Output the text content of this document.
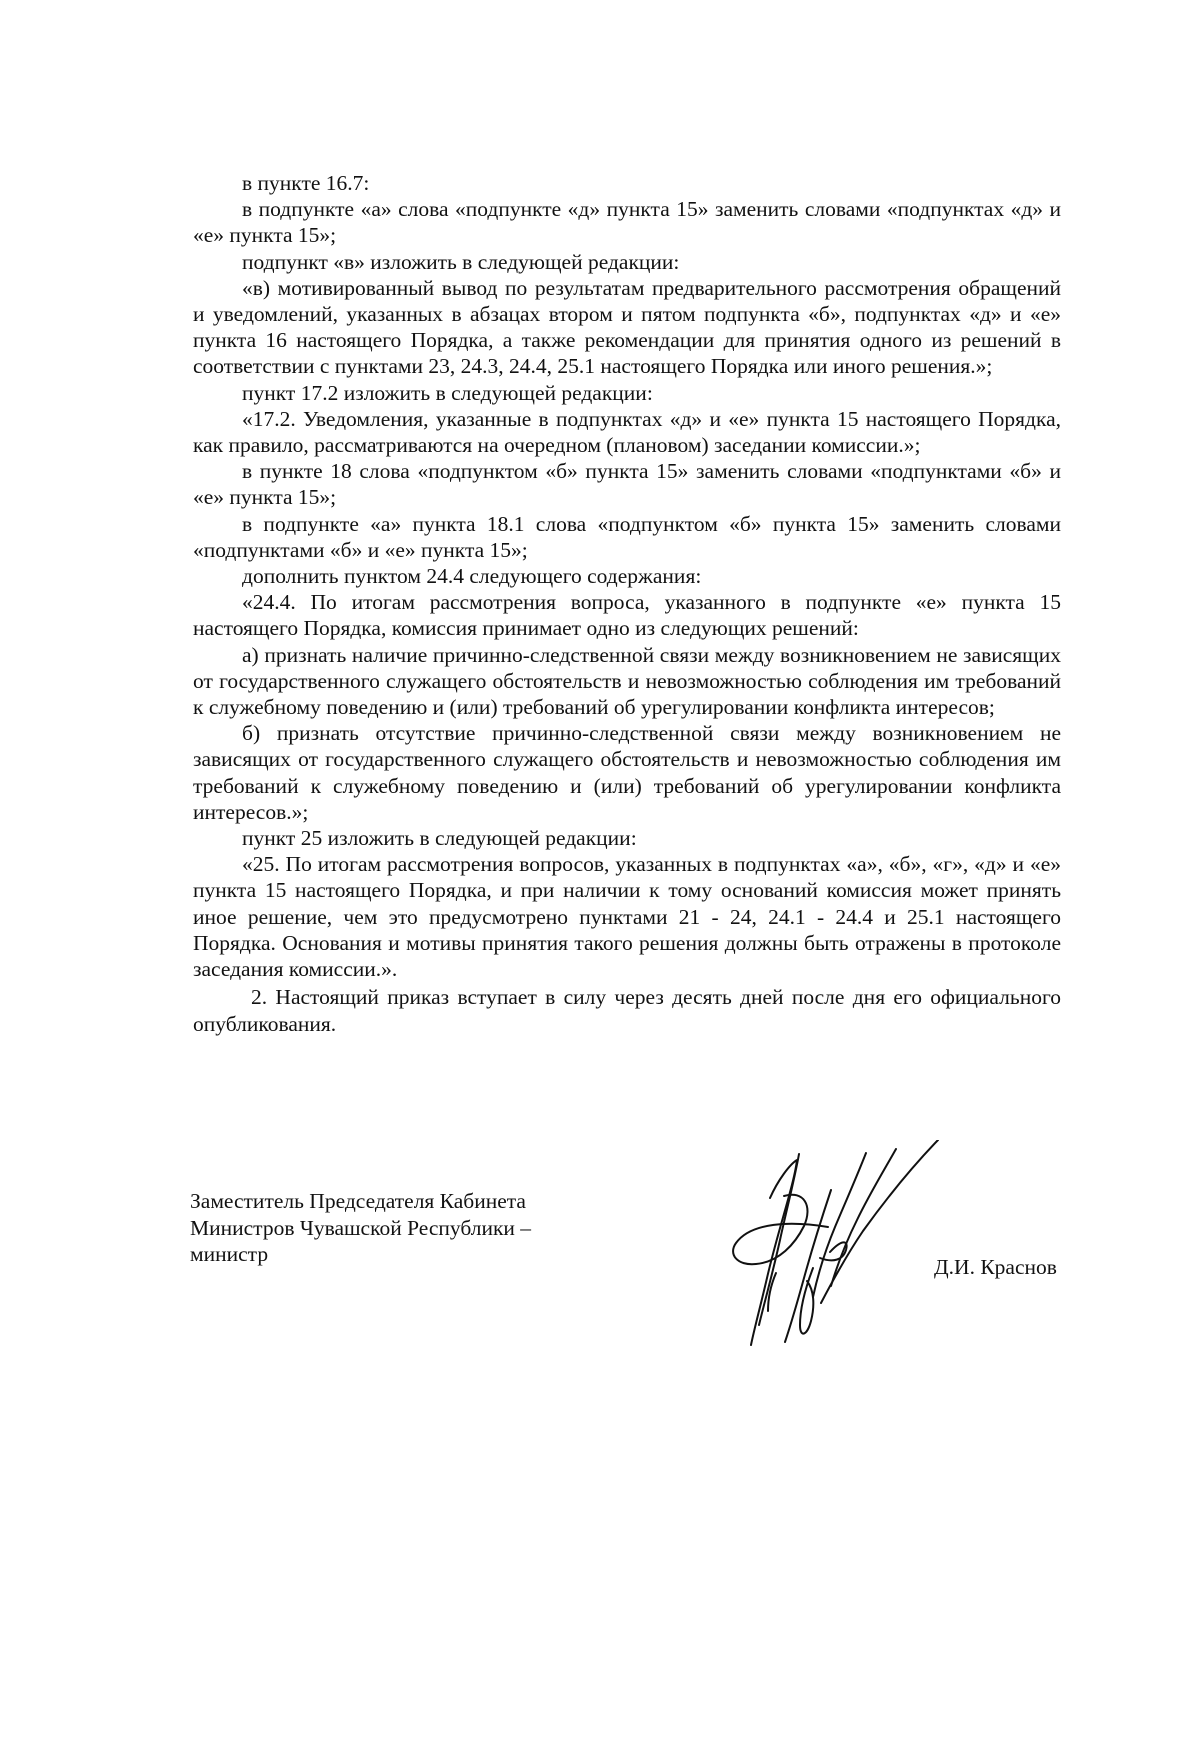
в пункте 16.7:

в подпункте «а» слова «подпункте «д» пункта 15» заменить словами «подпунктах «д» и «е» пункта 15»;

подпункт «в» изложить в следующей редакции:

«в) мотивированный вывод по результатам предварительного рассмотрения обращений и уведомлений, указанных в абзацах втором и пятом подпункта «б», подпунктах «д» и «е» пункта 16 настоящего Порядка, а также рекомендации для принятия одного из решений в соответствии с пунктами 23, 24.3, 24.4, 25.1 настоящего Порядка или иного решения.»;

пункт 17.2 изложить в следующей редакции:

«17.2. Уведомления, указанные в подпунктах «д» и «е» пункта 15 настоящего Порядка, как правило, рассматриваются на очередном (плановом) заседании комиссии.»;

в пункте 18 слова «подпунктом «б» пункта 15» заменить словами «подпунктами «б» и «е» пункта 15»;

в подпункте «а» пункта 18.1 слова «подпунктом «б» пункта 15» заменить словами «подпунктами «б» и «е» пункта 15»;

дополнить пунктом 24.4 следующего содержания:

«24.4. По итогам рассмотрения вопроса, указанного в подпункте «е» пункта 15 настоящего Порядка, комиссия принимает одно из следующих решений:

а) признать наличие причинно-следственной связи между возникновением не зависящих от государственного служащего обстоятельств и невозможностью соблюдения им требований к служебному поведению и (или) требований об урегулировании конфликта интересов;

б) признать отсутствие причинно-следственной связи между возникновением не зависящих от государственного служащего обстоятельств и невозможностью соблюдения им требований к служебному поведению и (или) требований об урегулировании конфликта интересов.»;

пункт 25 изложить в следующей редакции:

«25. По итогам рассмотрения вопросов, указанных в подпунктах «а», «б», «г», «д» и «е» пункта 15 настоящего Порядка, и при наличии к тому оснований комиссия может принять иное решение, чем это предусмотрено пунктами 21 - 24, 24.1 - 24.4 и 25.1 настоящего Порядка. Основания и мотивы принятия такого решения должны быть отражены в протоколе заседания комиссии.».

2. Настоящий приказ вступает в силу через десять дней после дня его официального опубликования.

Заместитель Председателя Кабинета
Министров Чувашской Республики –
министр
Д.И. Краснов
